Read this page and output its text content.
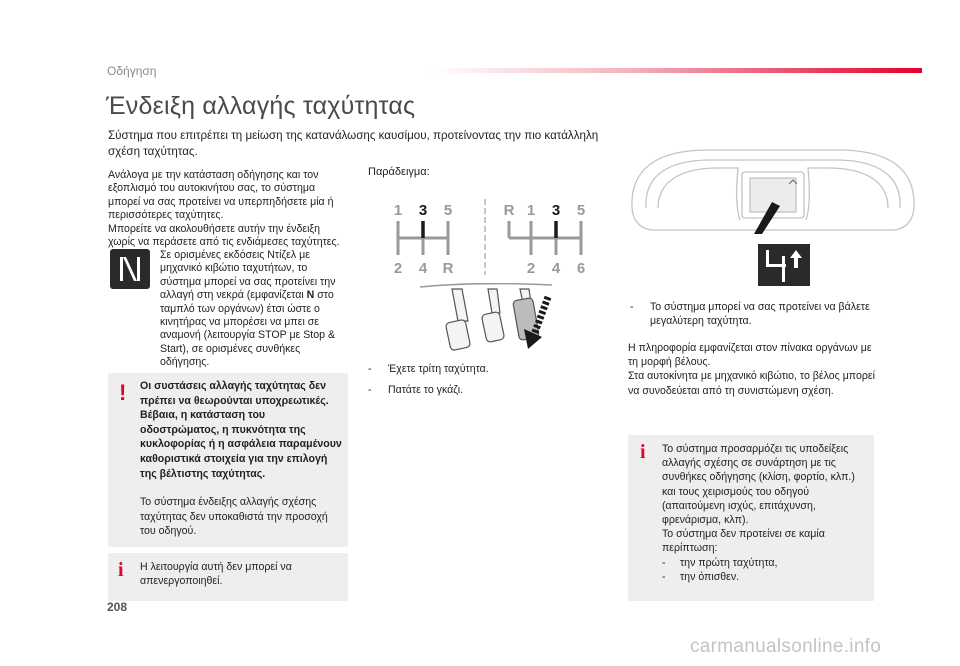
Οδήγηση
Ένδειξη αλλαγής ταχύτητας

Σύστημα που επιτρέπει τη μείωση της κατανάλωσης καυσίμου, προτείνοντας την πιο κατάλληλη σχέση ταχύτητας.

Ανάλογα με την κατάσταση οδήγησης και τον εξοπλισμό του αυτοκινήτου σας, το σύστημα μπορεί να σας προτείνει να υπερπηδήσετε μία ή περισσότερες ταχύτητες.

Μπορείτε να ακολουθήσετε αυτήν την ένδειξη χωρίς να περάσετε από τις ενδιάμεσες ταχύτητες.

N

Σε ορισμένες εκδόσεις Ντίζελ με μηχανικό κιβώτιο ταχυτήτων, το σύστημα μπορεί να σας προτείνει την αλλαγή στη νεκρά (εμφανίζεται N στο ταμπλό των οργάνων) έτσι ώστε ο κινητήρας να μπορέσει να μπει σε αναμονή (λειτουργία STOP με Stop & Start), σε ορισμένες συνθήκες οδήγησης.

! Οι συστάσεις αλλαγής ταχύτητας δεν πρέπει να θεωρούνται υποχρεωτικές. Βέβαια, η κατάσταση του οδοστρώματος, η πυκνότητα της κυκλοφορίας ή η ασφάλεια παραμένουν καθοριστικά στοιχεία για την επιλογή της βέλτιστης ταχύτητας.

Το σύστημα ένδειξης αλλαγής σχέσης ταχύτητας δεν υποκαθιστά την προσοχή του οδηγού.

i	Η λειτουργία αυτή δεν μπορεί να απενεργοποιηθεί.

Παράδειγμα:
1 3 5
2 4 R
R 1 3 5
2 4 6
- Έχετε τρίτη ταχύτητα.
- Πατάτε το γκάζι.
4
- Το σύστημα μπορεί να σας προτείνει να βάλετε μεγαλύτερη ταχύτητα.

Η πληροφορία εμφανίζεται στον πίνακα οργάνων με τη μορφή βέλους.

Στα αυτοκίνητα με μηχανικό κιβώτιο, το βέλος μπορεί να συνοδεύεται από τη συνιστώμενη σχέση.

i	Το σύστημα προσαρμόζει τις υποδείξεις αλλαγής σχέσης σε συνάρτηση με τις συνθήκες οδήγησης (κλίση, φορτίο, κλπ.) και τους χειρισμούς του οδηγού (απαιτούμενη ισχύς, επιτάχυνση, φρενάρισμα, κλπ).

Το σύστημα δεν προτείνει σε καμία περίπτωση:

- την πρώτη ταχύτητα,

- την όπισθεν.

208
carmanualsonline.info
